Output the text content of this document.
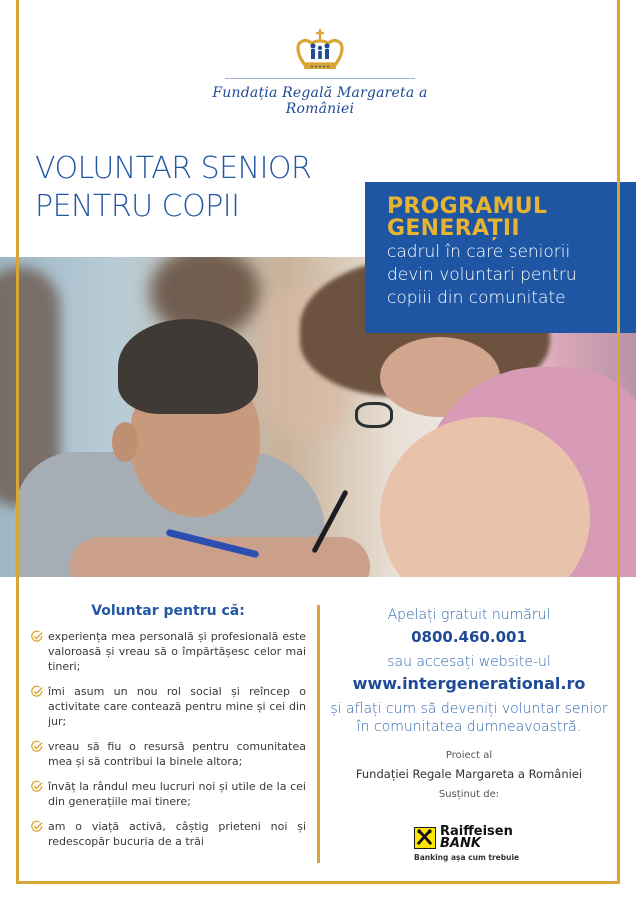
Fundația Regală Margareta a României
VOLUNTAR SENIOR
PENTRU COPII	PROGRAMUL
GENERAȚII
cadrul în care seniorii
devin voluntari pentru
copiii din comunitate
Voluntar pentru că:
experiența mea personală și profesională este valoroasă și vreau să o împărtășesc celor mai tineri;
îmi asum un nou rol social și reîncep o activitate care contează pentru mine și cei din jur;
vreau să fiu o resursă pentru comunitatea mea și să contribui la binele altora;
învăț la rândul meu lucruri noi și utile de la cei din generațiile mai tinere;
am o viață activă, câștig prieteni noi și redescopăr bucuria de a trăi
Apelați gratuit numărul
0800.460.001
sau accesați website-ul
www.intergenerational.ro
și aflați cum să deveniți voluntar senior
în comunitatea dumneavoastră.
Proiect al
Fundației Regale Margareta a României
Susținut de:
Raiffeisen
BANK
Banking așa cum trebuie
